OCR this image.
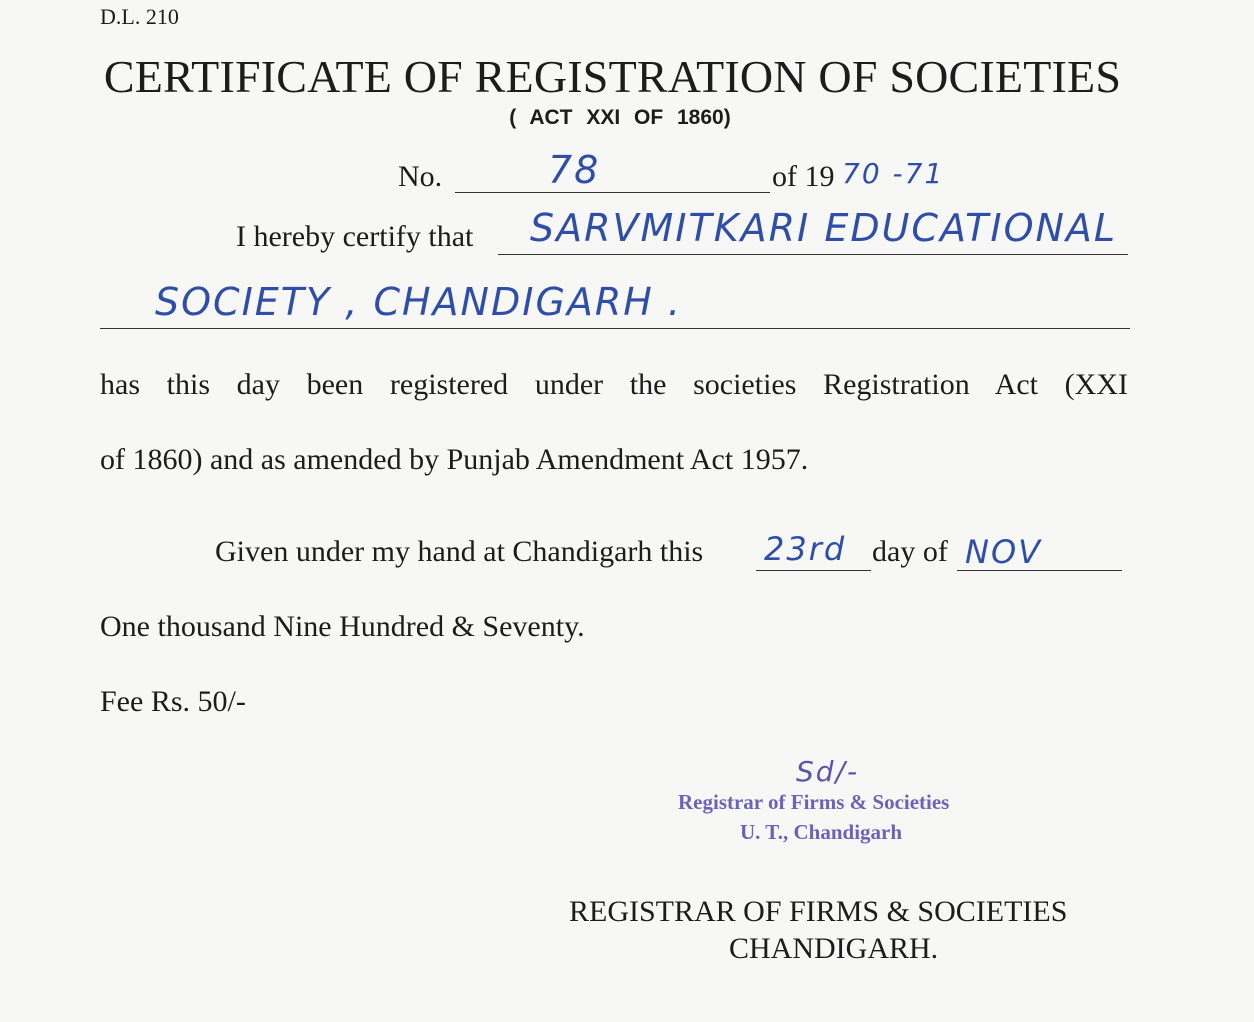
D.L. 210
CERTIFICATE OF REGISTRATION OF SOCIETIES
( ACT XXI OF 1860)
No.	78	of 19 70 -71
I hereby certify that SARVMITKARI EDUCATIONAL
SOCIETY , CHANDIGARH .
has this day been registered under the societies Registration Act (XXI
of 1860) and as amended by Punjab Amendment Act 1957.
Given under my hand at Chandigarh this 23rd day of NOV
One thousand Nine Hundred & Seventy.
Fee Rs. 50/-
Sd/-
Registrar of Firms & Societies
U. T., Chandigarh
REGISTRAR OF FIRMS & SOCIETIES
CHANDIGARH.
